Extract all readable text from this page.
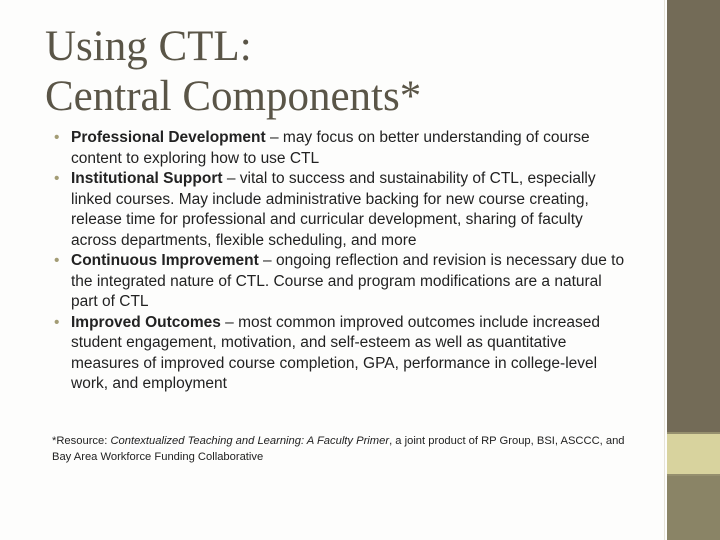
Using CTL:
Central Components*
• Professional Development – may focus on better understanding of course content to exploring how to use CTL
• Institutional Support – vital to success and sustainability of CTL, especially linked courses. May include administrative backing for new course creating, release time for professional and curricular development, sharing of faculty across departments, flexible scheduling, and more
• Continuous Improvement – ongoing reflection and revision is necessary due to the integrated nature of CTL. Course and program modifications are a natural part of CTL
• Improved Outcomes – most common improved outcomes include increased student engagement, motivation, and self-esteem as well as quantitative measures of improved course completion, GPA, performance in college-level work, and employment
*Resource: Contextualized Teaching and Learning: A Faculty Primer, a joint product of RP Group, BSI, ASCCC, and Bay Area Workforce Funding Collaborative
